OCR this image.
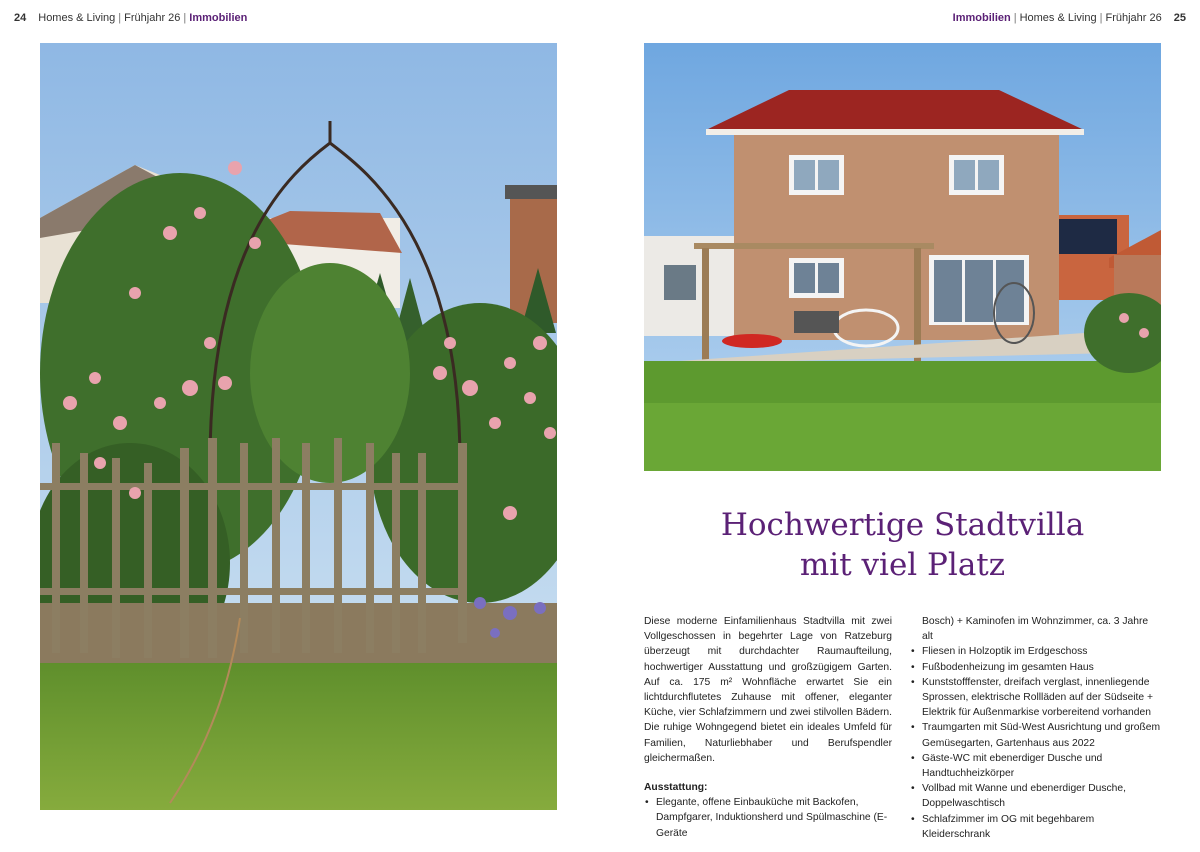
24 Homes & Living | Frühjahr 26 | Immobilien	Immobilien | Homes & Living | Frühjahr 26 25
Hochwertige Stadtvilla
mit viel Platz

Diese moderne Einfamilienhaus Stadtvilla mit zwei Vollgeschossen in begehrter Lage von Ratzeburg überzeugt mit durchdachter Raumaufteilung, hochwertiger Ausstattung und großzügigem Garten. Auf ca. 175 m² Wohnfläche erwartet Sie ein lichtdurchflutetes Zuhause mit offener, eleganter Küche, vier Schlafzimmern und zwei stilvollen Bädern. Die ruhige Wohngegend bietet ein ideales Umfeld für Familien, Naturliebhaber und Berufspendler gleichermaßen.

Ausstattung:

• Elegante, offene Einbauküche mit Backofen, Dampfgarer, Induktionsherd und Spülmaschine (E-Geräte
Bosch) + Kaminofen im Wohnzimmer, ca. 3 Jahre alt
• Fliesen in Holzoptik im Erdgeschoss
• Fußbodenheizung im gesamten Haus
• Kunststofffenster, dreifach verglast, innenliegende Sprossen, elektrische Rollläden auf der Südseite + Elektrik für Außenmarkise vorbereitend vorhanden
• Traumgarten mit Süd-West Ausrichtung und großem Gemüsegarten, Gartenhaus aus 2022
• Gäste-WC mit ebenerdiger Dusche und Handtuchheizkörper
• Vollbad mit Wanne und ebenerdiger Dusche, Doppelwaschtisch
• Schlafzimmer im OG mit begehbarem Kleiderschrank
